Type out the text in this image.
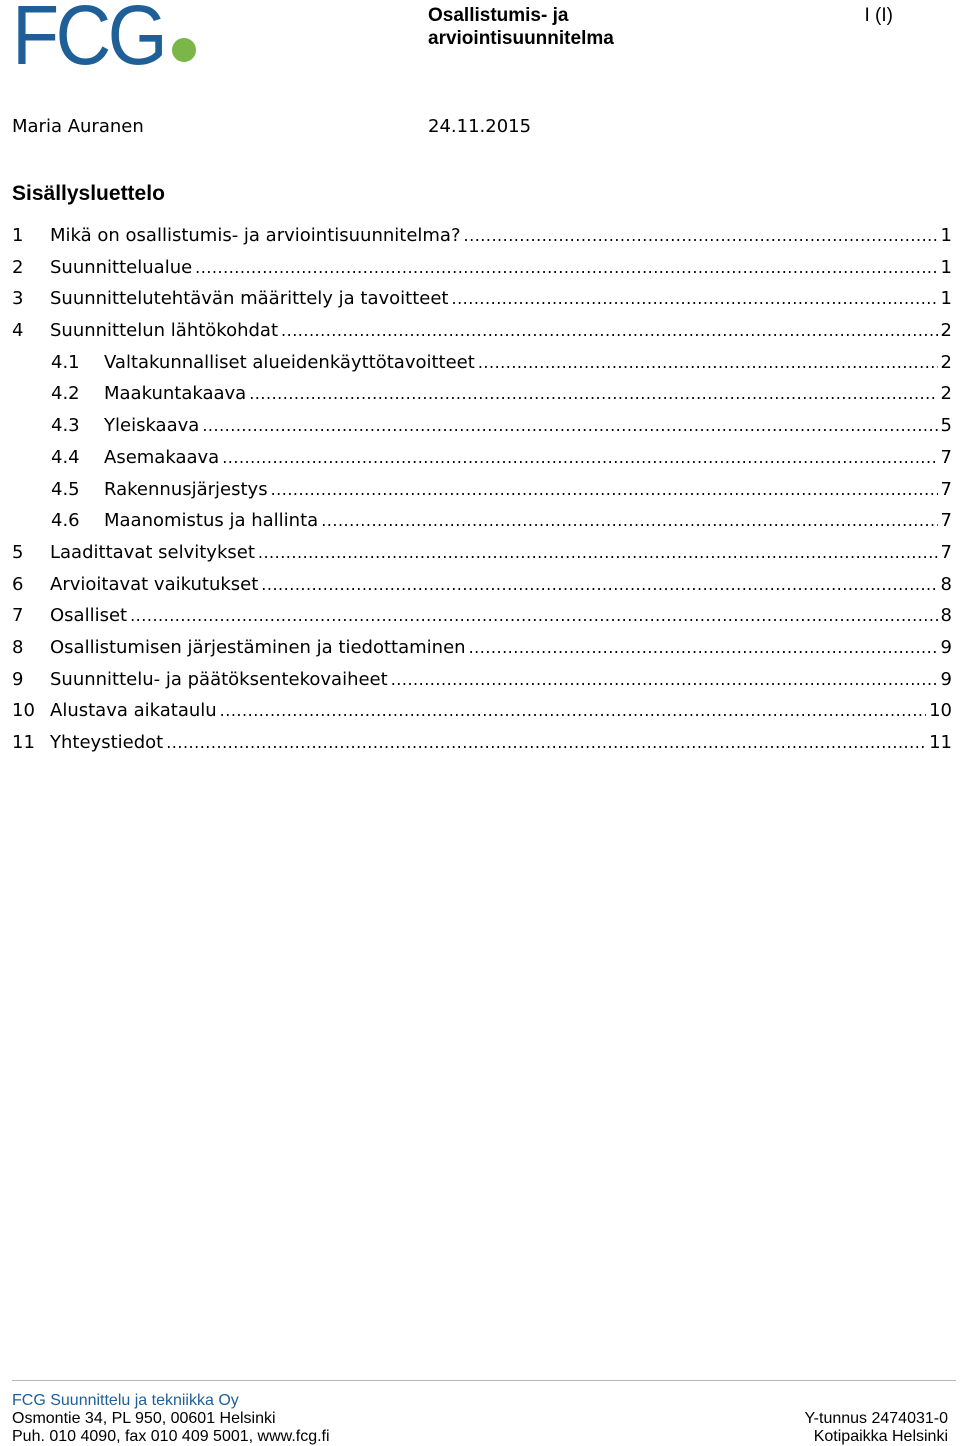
FCG	Osallistumis- ja
arviointisuunnitelma
I (I)
Maria Auranen	24.11.2015
Sisällysluettelo
1	Mikä on osallistumis- ja arviointisuunnitelma? .....	1
2	Suunnittelualue .....	1
3	Suunnittelutehtävän määrittely ja tavoitteet .....	1
4	Suunnittelun lähtökohdat .....	2
4.1	Valtakunnalliset alueidenkäyttötavoitteet .....	2
4.2	Maakuntakaava .....	2
4.3	Yleiskaava .....	5
4.4	Asemakaava .....	7
4.5	Rakennusjärjestys .....	7
4.6	Maanomistus ja hallinta .....	7
5	Laadittavat selvitykset .....	7
6	Arvioitavat vaikutukset .....	8
7	Osalliset .....	8
8	Osallistumisen järjestäminen ja tiedottaminen .....	9
9	Suunnittelu- ja päätöksentekovaiheet .....	9
10 Alustava aikataulu .....	10
11 Yhteystiedot .....	11
FCG Suunnittelu ja tekniikka Oy
Osmontie 34, PL 950, 00601 Helsinki	Y-tunnus 2474031-0
Puh. 010 4090, fax 010 409 5001, www.fcg.fi	Kotipaikka Helsinki
